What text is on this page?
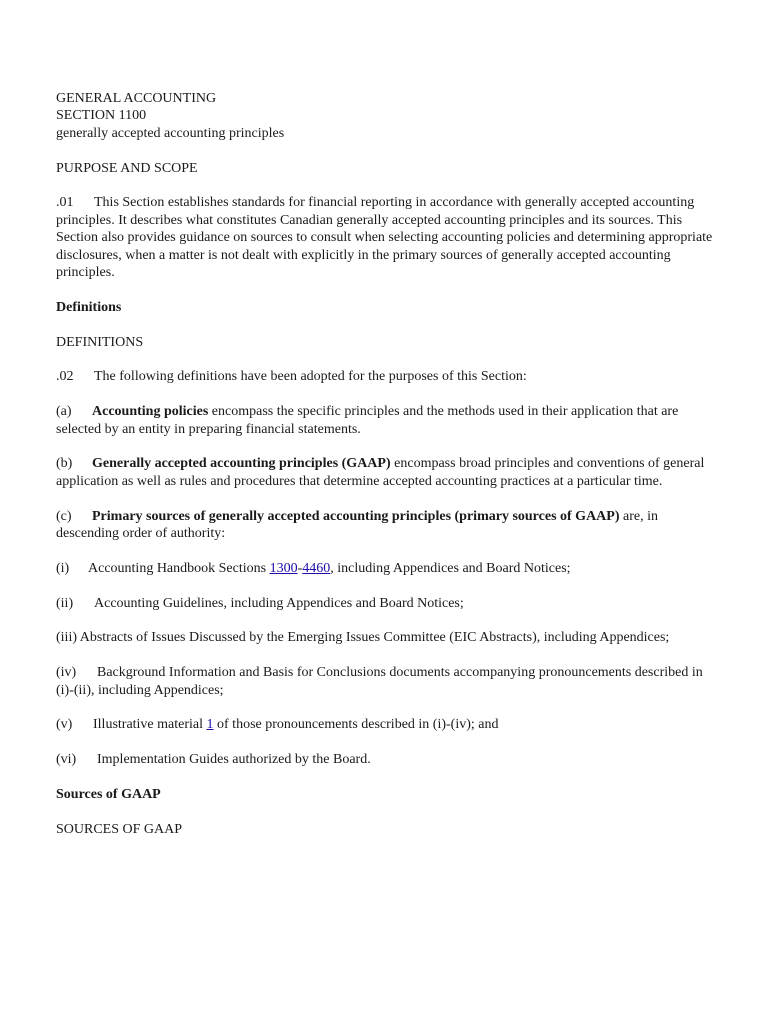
GENERAL ACCOUNTING

SECTION 1100

generally accepted accounting principles

PURPOSE AND SCOPE

.01 This Section establishes standards for financial reporting in accordance with generally accepted accounting principles. It describes what constitutes Canadian generally accepted accounting principles and its sources. This Section also provides guidance on sources to consult when selecting accounting policies and determining appropriate disclosures, when a matter is not dealt with explicitly in the primary sources of generally accepted accounting principles.

Definitions

DEFINITIONS

.02 The following definitions have been adopted for the purposes of this Section:

(a) Accounting policies encompass the specific principles and the methods used in their application that are selected by an entity in preparing financial statements.

(b) Generally accepted accounting principles (GAAP) encompass broad principles and conventions of general application as well as rules and procedures that determine accepted accounting practices at a particular time.

(c) Primary sources of generally accepted accounting principles (primary sources of GAAP) are, in descending order of authority:

(i) Accounting Handbook Sections 1300-4460, including Appendices and Board Notices;

(ii) Accounting Guidelines, including Appendices and Board Notices;

(iii) Abstracts of Issues Discussed by the Emerging Issues Committee (EIC Abstracts), including Appendices;

(iv) Background Information and Basis for Conclusions documents accompanying pronouncements described in (i)-(ii), including Appendices;

(v) Illustrative material 1 of those pronouncements described in (i)-(iv); and

(vi) Implementation Guides authorized by the Board.

Sources of GAAP

SOURCES OF GAAP
